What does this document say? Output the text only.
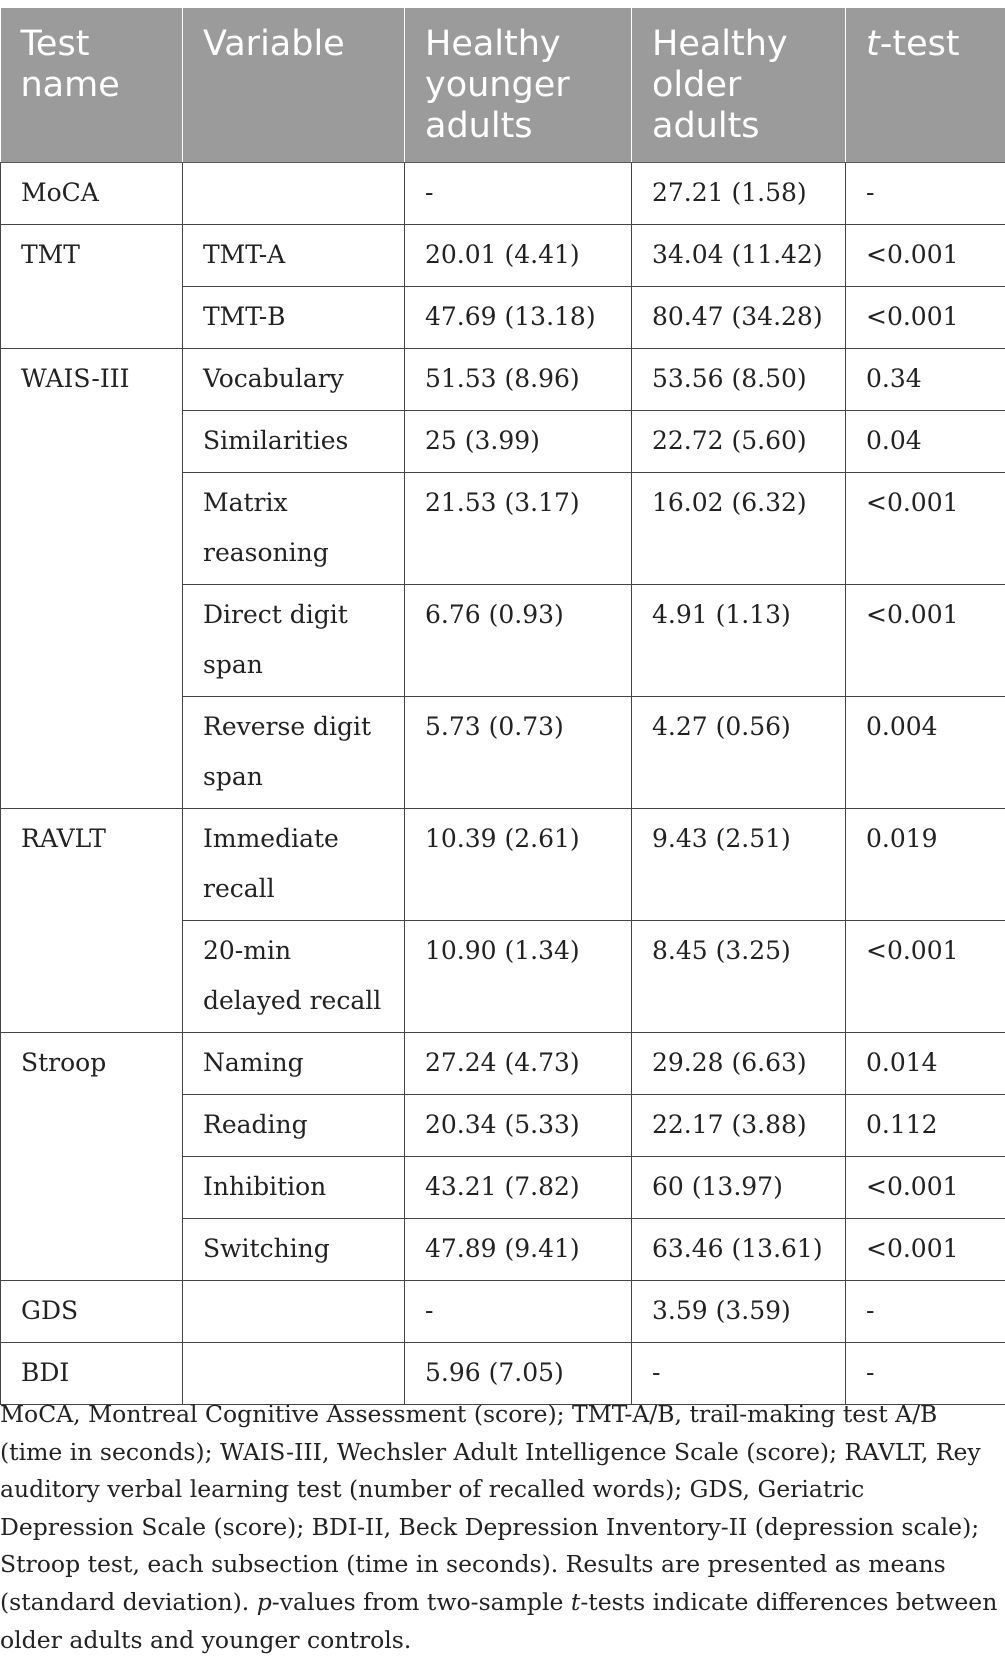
Test name	Variable	Healthy younger adults	Healthy older adults	t-test
MoCA		-	27.21 (1.58)	-
TMT	TMT-A	20.01 (4.41)	34.04 (11.42)	<0.001
	TMT-B	47.69 (13.18)	80.47 (34.28)	<0.001
WAIS-III	Vocabulary	51.53 (8.96)	53.56 (8.50)	0.34
	Similarities	25 (3.99)	22.72 (5.60)	0.04
	Matrix reasoning	21.53 (3.17)	16.02 (6.32)	<0.001
	Direct digit span	6.76 (0.93)	4.91 (1.13)	<0.001
	Reverse digit span	5.73 (0.73)	4.27 (0.56)	0.004
RAVLT	Immediate recall	10.39 (2.61)	9.43 (2.51)	0.019
	20-min delayed recall	10.90 (1.34)	8.45 (3.25)	<0.001
Stroop	Naming	27.24 (4.73)	29.28 (6.63)	0.014
	Reading	20.34 (5.33)	22.17 (3.88)	0.112
	Inhibition	43.21 (7.82)	60 (13.97)	<0.001
	Switching	47.89 (9.41)	63.46 (13.61)	<0.001
GDS		-	3.59 (3.59)	-
BDI		5.96 (7.05)	-	-
MoCA, Montreal Cognitive Assessment (score); TMT-A/B, trail-making test A/B (time in seconds); WAIS-III, Wechsler Adult Intelligence Scale (score); RAVLT, Rey auditory verbal learning test (number of recalled words); GDS, Geriatric Depression Scale (score); BDI-II, Beck Depression Inventory-II (depression scale); Stroop test, each subsection (time in seconds). Results are presented as means (standard deviation). p-values from two-sample t-tests indicate differences between older adults and younger controls.
